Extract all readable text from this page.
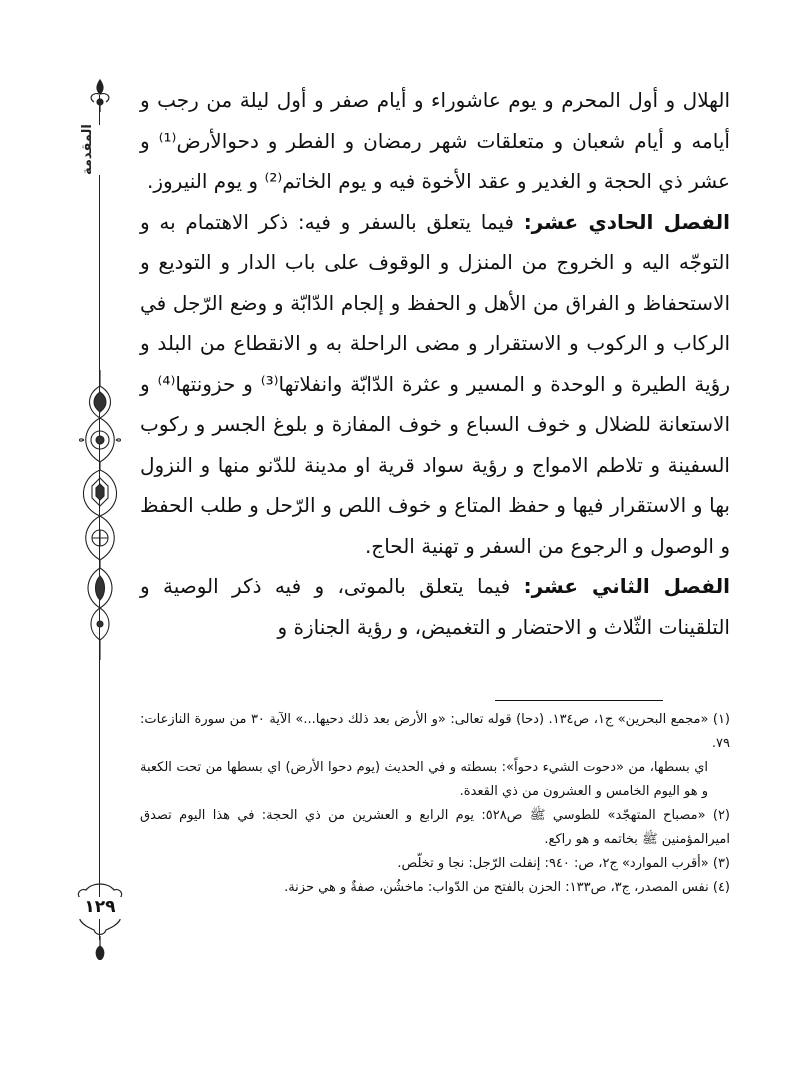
المقدمة
١٢٩

الهلال و أول المحرم و يوم عاشوراء و أيام صفر و أول ليلة من رجب و أيامه و أيام شعبان و متعلقات شهر رمضان و الفطر و دحوالأرض⁽¹⁾ و عشر ذي الحجة و الغدير و عقد الأخوة فيه و يوم الخاتم⁽²⁾ و يوم النيروز.

الفصل الحادي عشر: فيما يتعلق بالسفر و فيه: ذكر الاهتمام به و التوجّه اليه و الخروج من المنزل و الوقوف على باب الدار و التوديع و الاستحفاظ و الفراق من الأهل و الحفظ و إلجام الدّابّة و وضع الرّجل في الركاب و الركوب و الاستقرار و مضى الراحلة به و الانقطاع من البلد و رؤية الطيرة و الوحدة و المسير و عثرة الدّابّة وانفلاتها⁽³⁾ و حزونتها⁽⁴⁾ و الاستعانة للضلال و خوف السباع و خوف المفازة و بلوغ الجسر و ركوب السفينة و تلاطم الامواج و رؤية سواد قرية او مدينة للدّنو منها و النزول بها و الاستقرار فيها و حفظ المتاع و خوف اللص و الرّحل و طلب الحفظ و الوصول و الرجوع من السفر و تهنية الحاج.

الفصل الثاني عشر: فيما يتعلق بالموتى، و فيه ذكر الوصية و التلقينات الثّلاث و الاحتضار و التغميض، و رؤية الجنازة و

(١) «مجمع البحرين» ج١، ص١٣٤. (دحا) قوله تعالى: «و الأرض بعد ذلك دحيها...» الآية ٣٠ من سورة النازعات: ٧٩.

اي بسطها، من «دحوت الشيء دحواً»: بسطته و في الحديث (يوم دحوا الأرض) اي بسطها من تحت الكعبة و هو اليوم الخامس و العشرون من ذي القعدة.

(٢) «مصباح المتهجّد» للطوسي ﷺ ص٥٢٨: يوم الرابع و العشرين من ذي الحجة: في هذا اليوم تصدق اميرالمؤمنين ﷺ بخاتمه و هو راكع.

(٣) «أقرب الموارد» ج٢، ص: ٩٤٠: إنفلت الرّجل: نجا و تخلّص.

(٤) نفس المصدر، ج٣، ص١٣٣: الحزن بالفتح من الدّواب: ماخشُن، صفةٌ و هي حزنة.
